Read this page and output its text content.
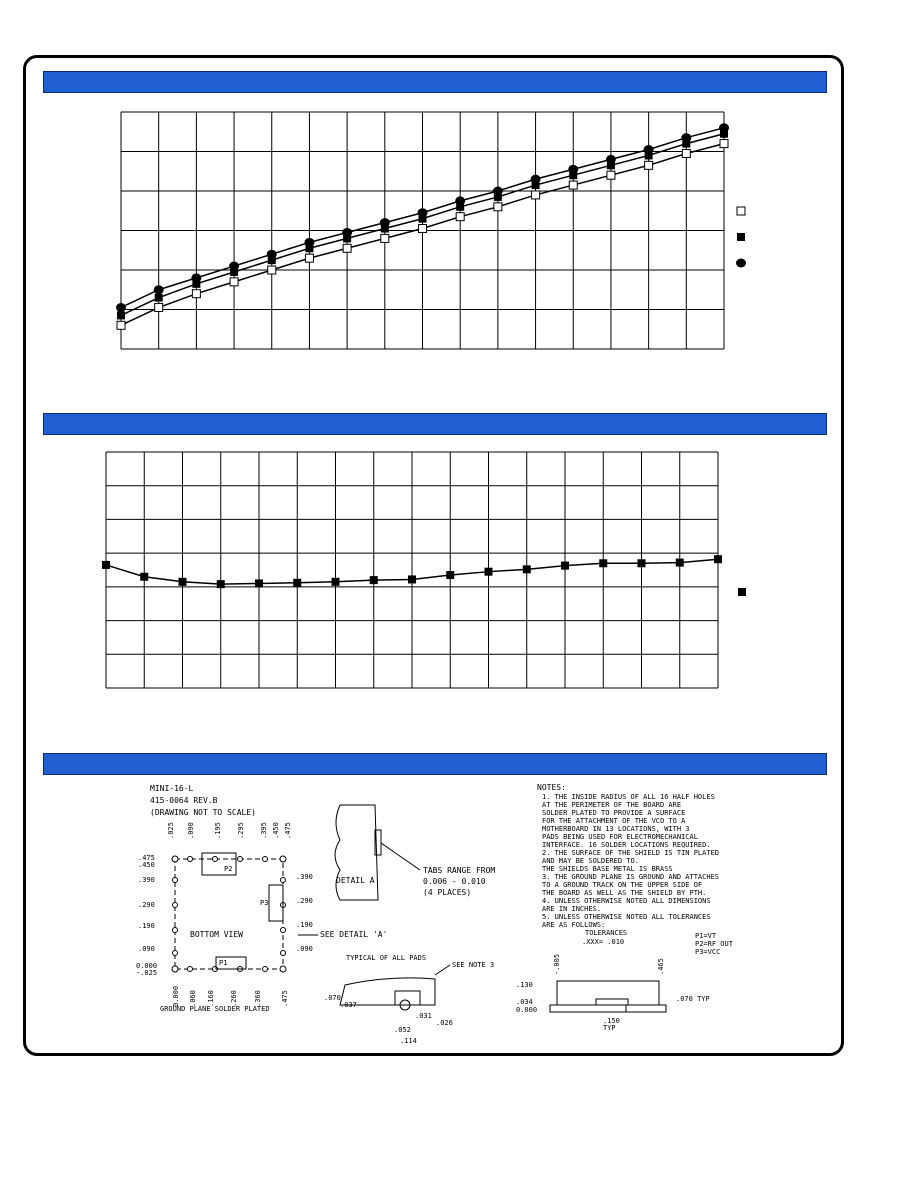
MINI-16-L
415-0064 REV.B
(DRAWING NOT TO SCALE)
P2
P3
P1
BOTTOM VIEW
.025 .090	.195 .295 .395 .450 .475
.475
.450
.390
.290
.190
.090
0.000
-.025
.390
.290
.190
.090
0.000 .060 .160 .260 .360	.475
GROUND PLANE SOLDER PLATED
SEE DETAIL 'A'
DETAIL A
TABS RANGE FROM
0.006 - 0.010
(4 PLACES)
TYPICAL OF ALL PADS
SEE NOTE 3
.070
.037
.031
.052
.026
.114
NOTES:
1. THE INSIDE RADIUS OF ALL 16 HALF HOLES
AT THE PERIMETER OF THE BOARD ARE
SOLDER PLATED TO PROVIDE A SURFACE
FOR THE ATTACHMENT OF THE VCO TO A
MOTHERBOARD IN 13 LOCATIONS, WITH 3
PADS BEING USED FOR ELECTROMECHANICAL
INTERFACE. 16 SOLDER LOCATIONS REQUIRED.
2. THE SURFACE OF THE SHIELD IS TIN PLATED
AND MAY BE SOLDERED TO.
THE SHIELDS BASE METAL IS BRASS
3. THE GROUND PLANE IS GROUND AND ATTACHES
TO A GROUND TRACK ON THE UPPER SIDE OF
THE BOARD AS WELL AS THE SHIELD BY PTH.
4. UNLESS OTHERWISE NOTED ALL DIMENSIONS
ARE IN INCHES.
5. UNLESS OTHERWISE NOTED ALL TOLERANCES
ARE AS FOLLOWS:
TOLERANCES
.XXX= .010
P1=VT
P2=RF OUT
P3=VCC
-.005	.465
.130
.034
0.000
.070 TYP
.150
TYP
